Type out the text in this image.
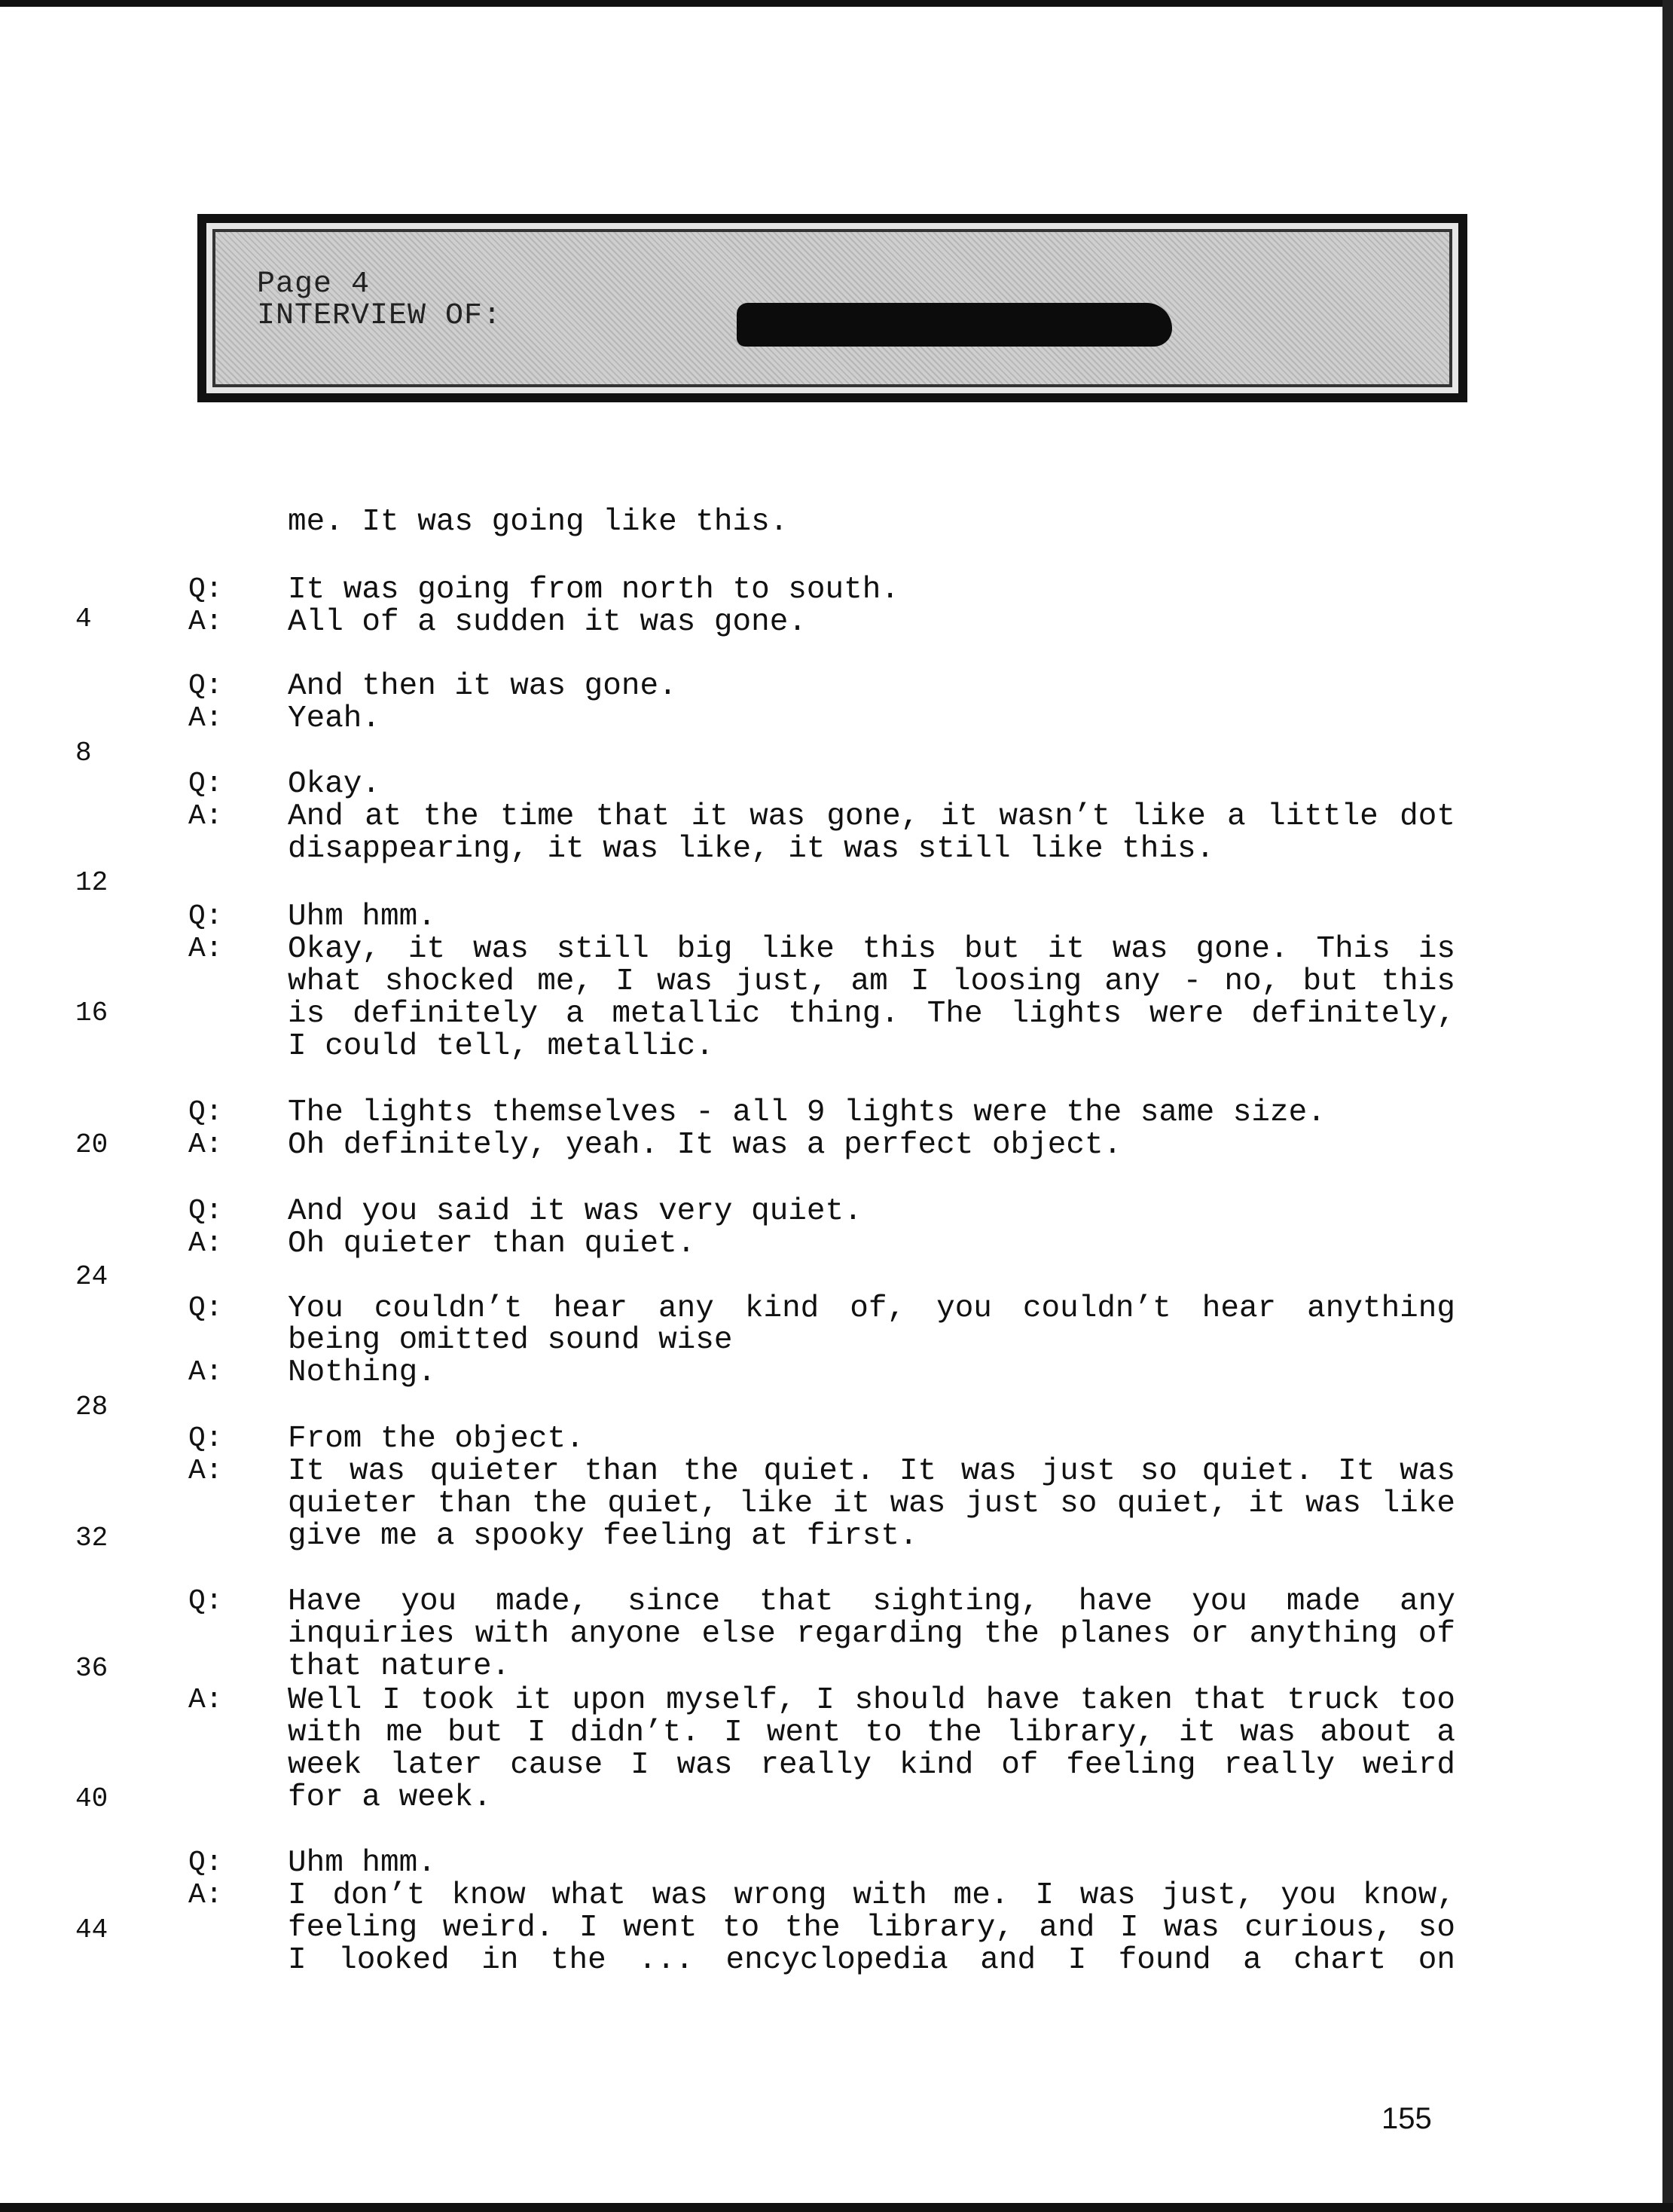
Page 4
INTERVIEW OF:
4
8
12
16
20
24
28
32
36
40
44
Q:
A:
Q:
A:
Q:
A:
Q:
A:
Q:
A:
Q:
A:
Q:
A:
Q:
A:
Q:
A:
Q:
A:
me. It was going like this.
It was going from north to south.
All of a sudden it was gone.
And then it was gone.
Yeah.
Okay.
And at the time that it was gone, it wasn’t like a little dot
disappearing, it was like, it was still like this.
Uhm hmm.
Okay, it was still big like this but it was gone. This is
what shocked me, I was just, am I loosing any - no, but this
is definitely a metallic thing. The lights were definitely,
I could tell, metallic.
The lights themselves - all 9 lights were the same size.
Oh definitely, yeah. It was a perfect object.
And you said it was very quiet.
Oh quieter than quiet.
You couldn’t hear any kind of, you couldn’t hear anything
being omitted sound wise
Nothing.
From the object.
It was quieter than the quiet. It was just so quiet. It was
quieter than the quiet, like it was just so quiet, it was like
give me a spooky feeling at first.
Have you made, since that sighting, have you made any
inquiries with anyone else regarding the planes or anything of
that nature.
Well I took it upon myself, I should have taken that truck too
with me but I didn’t. I went to the library, it was about a
week later cause I was really kind of feeling really weird
for a week.
Uhm hmm.
I don’t know what was wrong with me. I was just, you know,
feeling weird. I went to the library, and I was curious, so
I looked in the ... encyclopedia and I found a chart on
155
